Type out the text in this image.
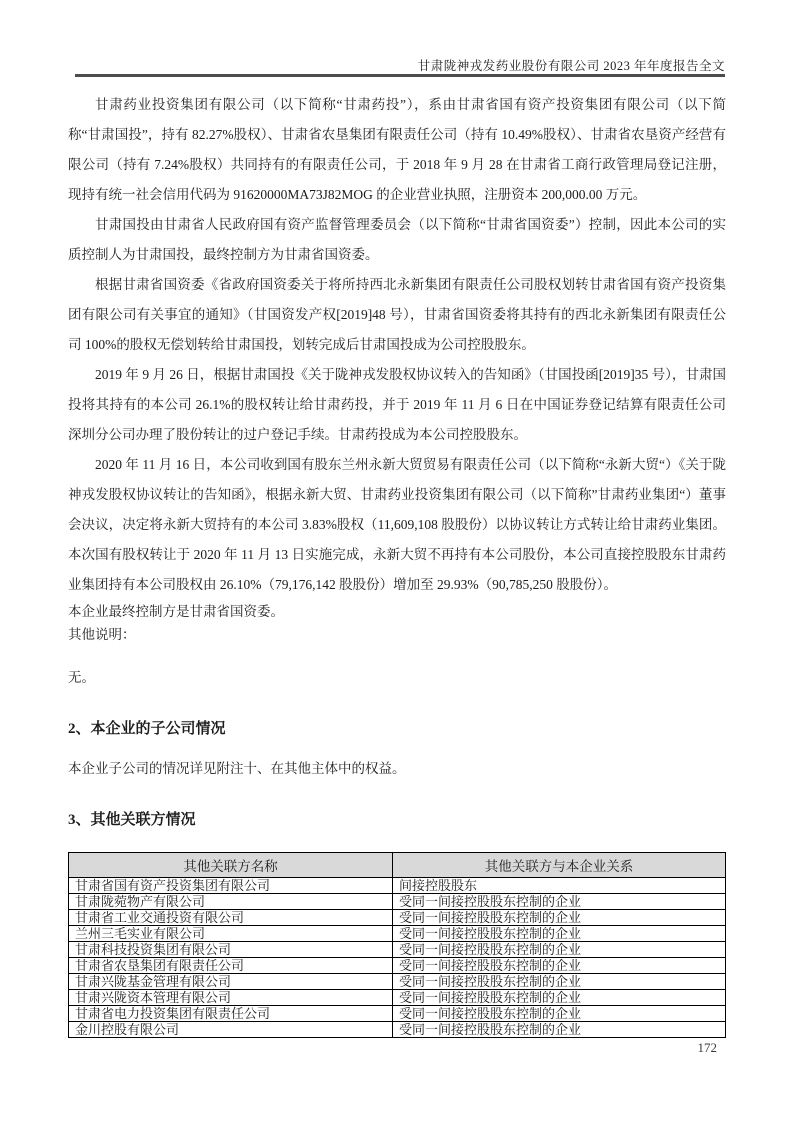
甘肃陇神戎发药业股份有限公司 2023 年年度报告全文

甘肃药业投资集团有限公司（以下简称“甘肃药投”），系由甘肃省国有资产投资集团有限公司（以下简称“甘肃国投”，持有 82.27%股权）、甘肃省农垦集团有限责任公司（持有 10.49%股权）、甘肃省农垦资产经营有限公司（持有 7.24%股权）共同持有的有限责任公司，于 2018 年 9 月 28 在甘肃省工商行政管理局登记注册，现持有统一社会信用代码为 91620000MA73J82MOG 的企业营业执照，注册资本 200,000.00 万元。

甘肃国投由甘肃省人民政府国有资产监督管理委员会（以下简称“甘肃省国资委”）控制，因此本公司的实质控制人为甘肃国投，最终控制方为甘肃省国资委。

根据甘肃省国资委《省政府国资委关于将所持西北永新集团有限责任公司股权划转甘肃省国有资产投资集团有限公司有关事宜的通知》（甘国资发产权[2019]48 号），甘肃省国资委将其持有的西北永新集团有限责任公司 100%的股权无偿划转给甘肃国投，划转完成后甘肃国投成为公司控股股东。

2019 年 9 月 26 日，根据甘肃国投《关于陇神戎发股权协议转入的告知函》（甘国投函[2019]35 号），甘肃国投将其持有的本公司 26.1%的股权转让给甘肃药投，并于 2019 年 11 月 6 日在中国证券登记结算有限责任公司深圳分公司办理了股份转让的过户登记手续。甘肃药投成为本公司控股股东。

2020 年 11 月 16 日，本公司收到国有股东兰州永新大贸贸易有限责任公司（以下简称“永新大贸“）《关于陇神戎发股权协议转让的告知函》，根据永新大贸、甘肃药业投资集团有限公司（以下简称”甘肃药业集团“）董事会决议，决定将永新大贸持有的本公司 3.83%股权（11,609,108 股股份）以协议转让方式转让给甘肃药业集团。本次国有股权转让于 2020 年 11 月 13 日实施完成，永新大贸不再持有本公司股份，本公司直接控股股东甘肃药业集团持有本公司股权由 26.10%（79,176,142 股股份）增加至 29.93%（90,785,250 股股份）。

本企业最终控制方是甘肃省国资委。

其他说明：

无。

2、本企业的子公司情况

本企业子公司的情况详见附注十、在其他主体中的权益。

3、其他关联方情况
其他关联方名称	其他关联方与本企业关系
甘肃省国有资产投资集团有限公司	间接控股股东
甘肃陇菀物产有限公司	受同一间接控股股东控制的企业
甘肃省工业交通投资有限公司	受同一间接控股股东控制的企业
兰州三毛实业有限公司	受同一间接控股股东控制的企业
甘肃科技投资集团有限公司	受同一间接控股股东控制的企业
甘肃省农垦集团有限责任公司	受同一间接控股股东控制的企业
甘肃兴陇基金管理有限公司	受同一间接控股股东控制的企业
甘肃兴陇资本管理有限公司	受同一间接控股股东控制的企业
甘肃省电力投资集团有限责任公司	受同一间接控股股东控制的企业
金川控股有限公司	受同一间接控股股东控制的企业
172
